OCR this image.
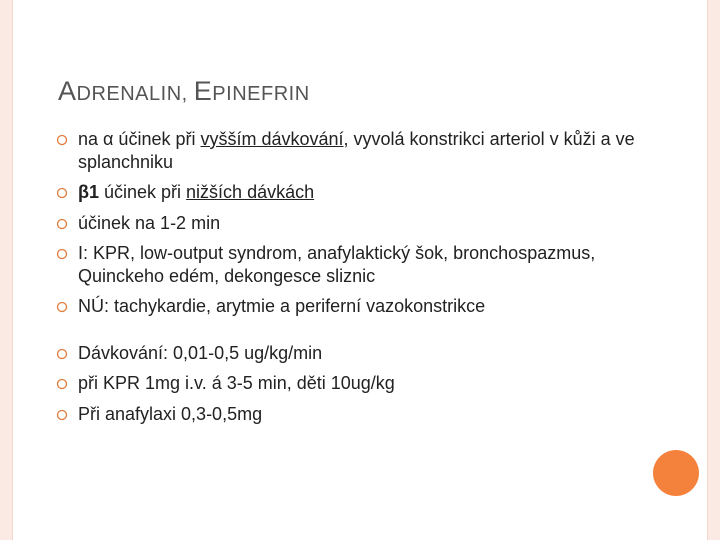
ADRENALIN, EPINEFRIN
na α účinek při vyšším dávkování, vyvolá konstrikci arteriol v kůži a ve splanchniku
β1 účinek při nižších dávkách
účinek na 1-2 min
I: KPR, low-output syndrom, anafylaktický šok, bronchospazmus, Quinckeho edém, dekongesce sliznic
NÚ: tachykardie, arytmie a periferní vazokonstrikce
Dávkování: 0,01-0,5 ug/kg/min
při KPR 1mg i.v. á 3-5 min, děti 10ug/kg
Při anafylaxi 0,3-0,5mg
